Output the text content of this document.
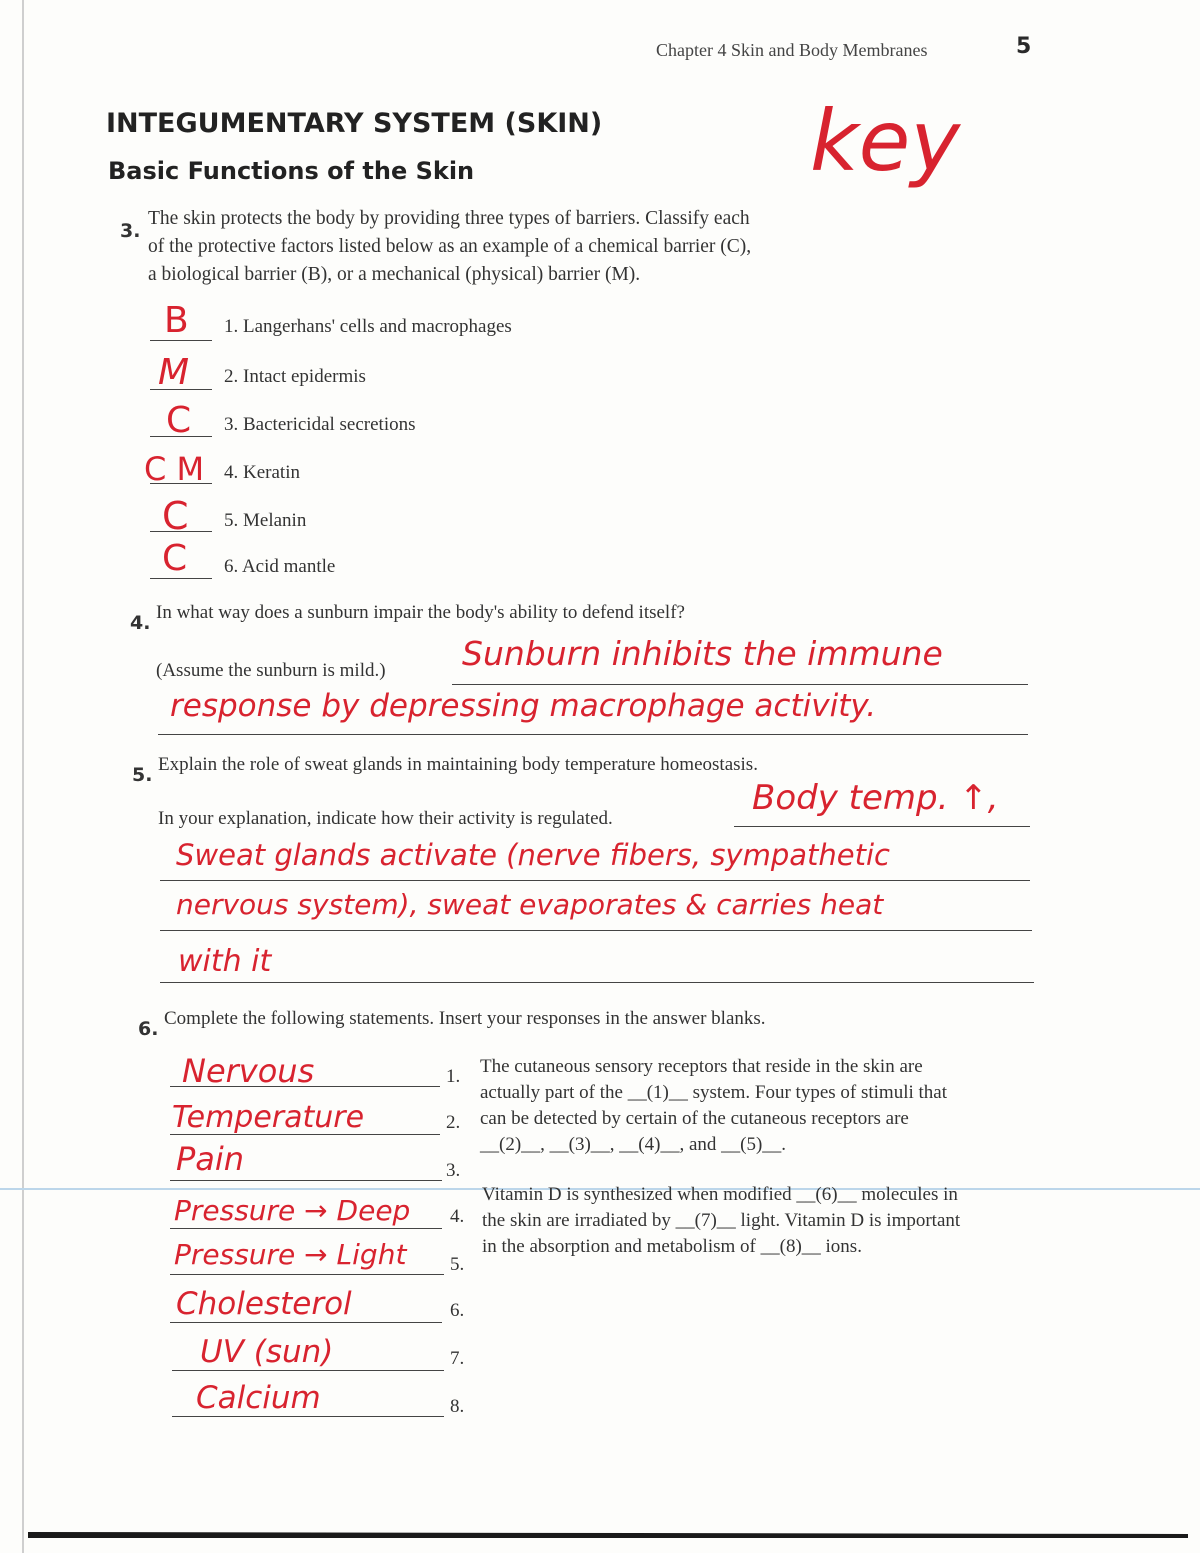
Chapter 4 Skin and Body Membranes	5
key
INTEGUMENTARY SYSTEM (SKIN)
Basic Functions of the Skin
3.
The skin protects the body by providing three types of barriers. Classify each
of the protective factors listed below as an example of a chemical barrier (C),
a biological barrier (B), or a mechanical (physical) barrier (M).
B 1. Langerhans' cells and macrophages
M 2. Intact epidermis
C 3. Bactericidal secretions
C M 4. Keratin
C 5. Melanin
C 6. Acid mantle
4. In what way does a sunburn impair the body's ability to defend itself?
(Assume the sunburn is mild.) Sunburn inhibits the immune
response by depressing macrophage activity.
5. Explain the role of sweat glands in maintaining body temperature homeostasis.
In your explanation, indicate how their activity is regulated.
Body temp. ↑,
Sweat glands activate (nerve fibers, sympathetic
nervous system), sweat evaporates & carries heat
with it
6. Complete the following statements. Insert your responses in the answer blanks.
Nervous	1.
Temperature	2.
Pain	3.
Pressure → Deep 4.
Pressure → Light 5.
Cholesterol	6.
UV (sun)	7.
Calcium	8.
The cutaneous sensory receptors that reside in the skin are
actually part of the __(1)__ system. Four types of stimuli that
can be detected by certain of the cutaneous receptors are
__(2)__, __(3)__, __(4)__, and __(5)__.
Vitamin D is synthesized when modified __(6)__ molecules in
the skin are irradiated by __(7)__ light. Vitamin D is important
in the absorption and metabolism of __(8)__ ions.
